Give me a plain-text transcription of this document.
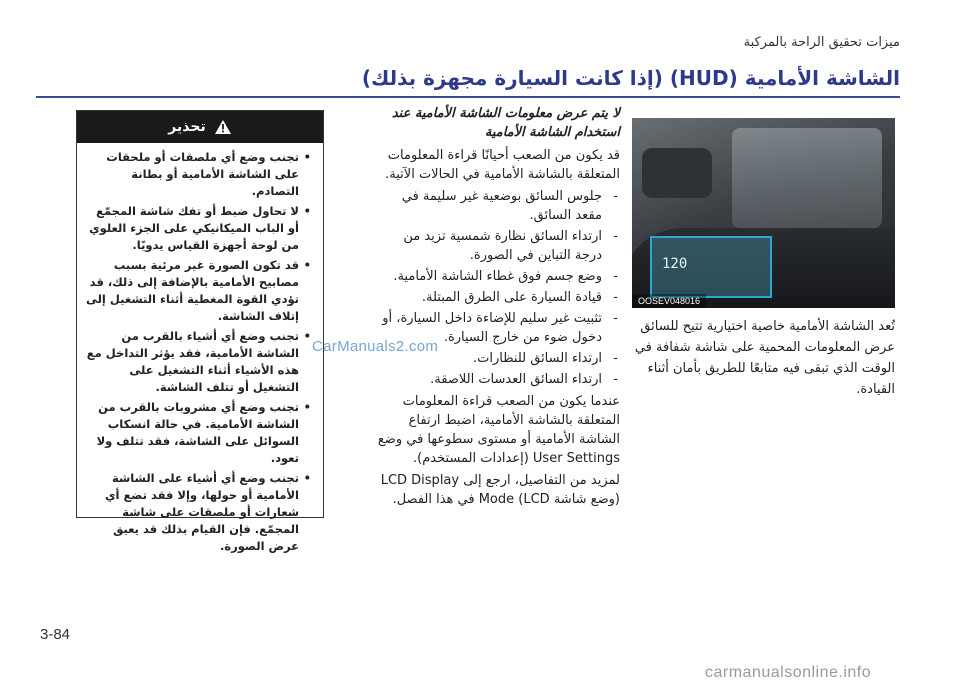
ميزات تحقيق الراحة بالمركبة
الشاشة الأمامية (HUD) (إذا كانت السيارة مجهزة بذلك)
120
OOSEV048016
تُعد الشاشة الأمامية خاصية اختيارية تتيح للسائق عرض المعلومات المحمية على شاشة شفافة في الوقت الذي تبقى فيه متابعًا للطريق بأمان أثناء القيادة.

لا يتم عرض معلومات الشاشة الأمامية عند استخدام الشاشة الأمامية

قد يكون من الصعب أحيانًا قراءة المعلومات المتعلقة بالشاشة الأمامية في الحالات الآتية.

- جلوس السائق بوضعية غير سليمة في مقعد السائق.
- ارتداء السائق نظارة شمسية تزيد من درجة التباين في الصورة.
- وضع جسم فوق غطاء الشاشة الأمامية.
- قيادة السيارة على الطرق المبتلة.
- تثبيت غير سليم للإضاءة داخل السيارة، أو دخول ضوء من خارج السيارة.
- ارتداء السائق للنظارات.
- ارتداء السائق العدسات اللاصقة.

عندما يكون من الصعب قراءة المعلومات المتعلقة بالشاشة الأمامية، اضبط ارتفاع الشاشة الأمامية أو مستوى سطوعها في وضع User Settings (إعدادات المستخدم).

لمزيد من التفاصيل، ارجع إلى LCD Display (وضع شاشة LCD) Mode في هذا الفصل.

تحذير
• تجنب وضع أي ملصقات أو ملحقات على الشاشة الأمامية أو بطانة التصادم.
• لا تحاول ضبط أو تفك شاشة المجمّع أو الباب الميكانيكي على الجزء العلوي من لوحة أجهزة القياس يدويًا.
• قد تكون الصورة غير مرئية بسبب مصابيح الأمامية بالإضافة إلى ذلك، قد تؤدي القوة المغطية أثناء التشغيل إلى إتلاف الشاشة.
• تجنب وضع أي أشياء بالقرب من الشاشة الأمامية، فقد يؤثر التداخل مع هذه الأشياء أثناء التشغيل على التشغيل أو تتلف الشاشة.
• تجنب وضع أي مشروبات بالقرب من الشاشة الأمامية. في حالة انسكاب السوائل على الشاشة، فقد تتلف ولا تعود.
• تجنب وضع أي أشياء على الشاشة الأمامية أو حولها، وإلا فقد تضع أي شعارات أو ملصقات على شاشة المجمّع. فإن القيام بذلك قد يعيق عرض الصورة.
CarManuals2.com
3-84
carmanualsonline.info
